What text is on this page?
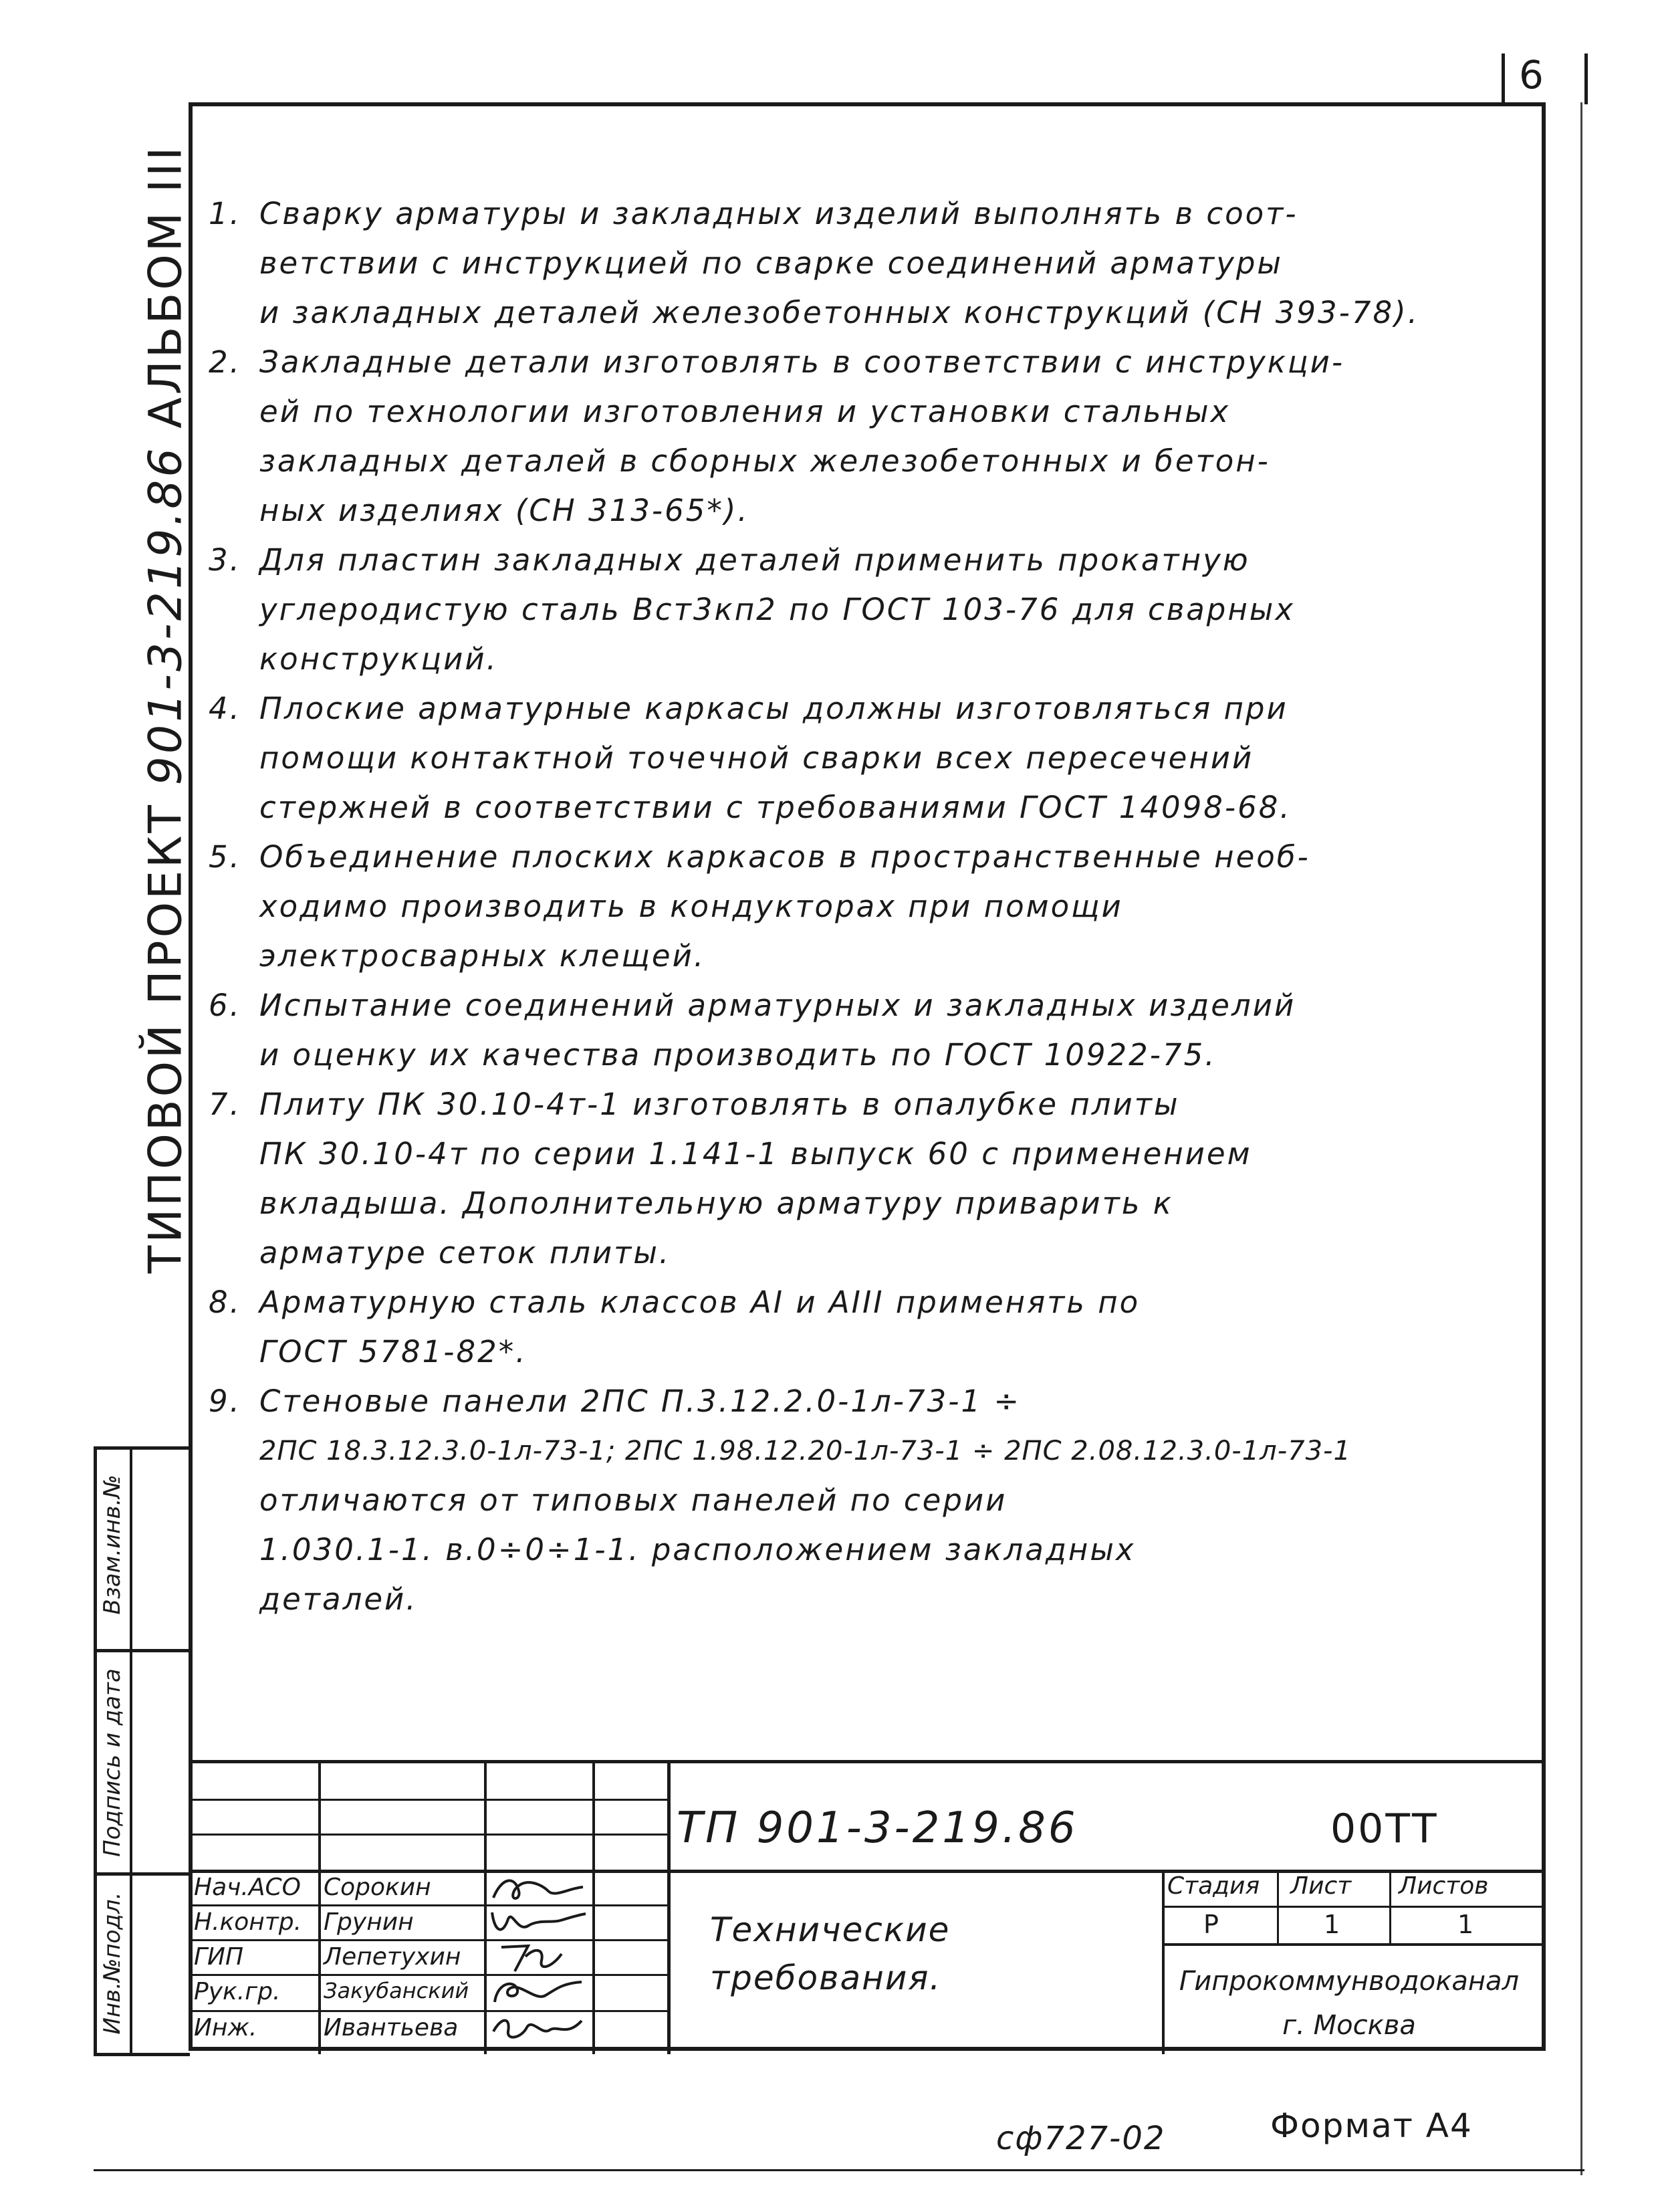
6
ТИПОВОЙ ПРОЕКТ 901-3-219.86 АЛЬБОМ III
Взам.инв.№
Подпись и дата
Инв.№подл.
1. Сварку арматуры и закладных изделий выполнять в соот-
ветствии с инструкцией по сварке соединений арматуры
и закладных деталей железобетонных конструкций (СН 393-78).
2. Закладные детали изготовлять в соответствии с инструкци-
ей по технологии изготовления и установки стальных
закладных деталей в сборных железобетонных и бетон-
ных изделиях (СН 313-65*).
3. Для пластин закладных деталей применить прокатную
углеродистую сталь Вст3кп2 по ГОСТ 103-76 для сварных
конструкций.
4. Плоские арматурные каркасы должны изготовляться при
помощи контактной точечной сварки всех пересечений
стержней в соответствии с требованиями ГОСТ 14098-68.
5. Объединение плоских каркасов в пространственные необ-
ходимо производить в кондукторах при помощи
электросварных клещей.
6. Испытание соединений арматурных и закладных изделий
и оценку их качества производить по ГОСТ 10922-75.
7. Плиту ПК 30.10-4т-1 изготовлять в опалубке плиты
ПК 30.10-4т по серии 1.141-1 выпуск 60 с применением
вкладыша. Дополнительную арматуру приварить к
арматуре сеток плиты.
8. Арматурную сталь классов АI и АIII применять по
ГОСТ 5781-82*.
9. Стеновые панели 2ПС П.3.12.2.0-1л-73-1 ÷
2ПС 18.3.12.3.0-1л-73-1; 2ПС 1.98.12.20-1л-73-1 ÷ 2ПС 2.08.12.3.0-1л-73-1
отличаются от типовых панелей по серии
1.030.1-1. в.0÷0÷1-1. расположением закладных
деталей.
ТП 901-3-219.86	00ТТ
Технические
требования.
Стадия Лист Листов
Р	1	1
Гипрокоммунводоканал
г. Москва
Нач.АСО Сорокин
Н.контр. Грунин
ГИП	Лепетухин
Рук.гр. Закубанский
Инж.	Ивантьева
сф727-02	Формат А4
